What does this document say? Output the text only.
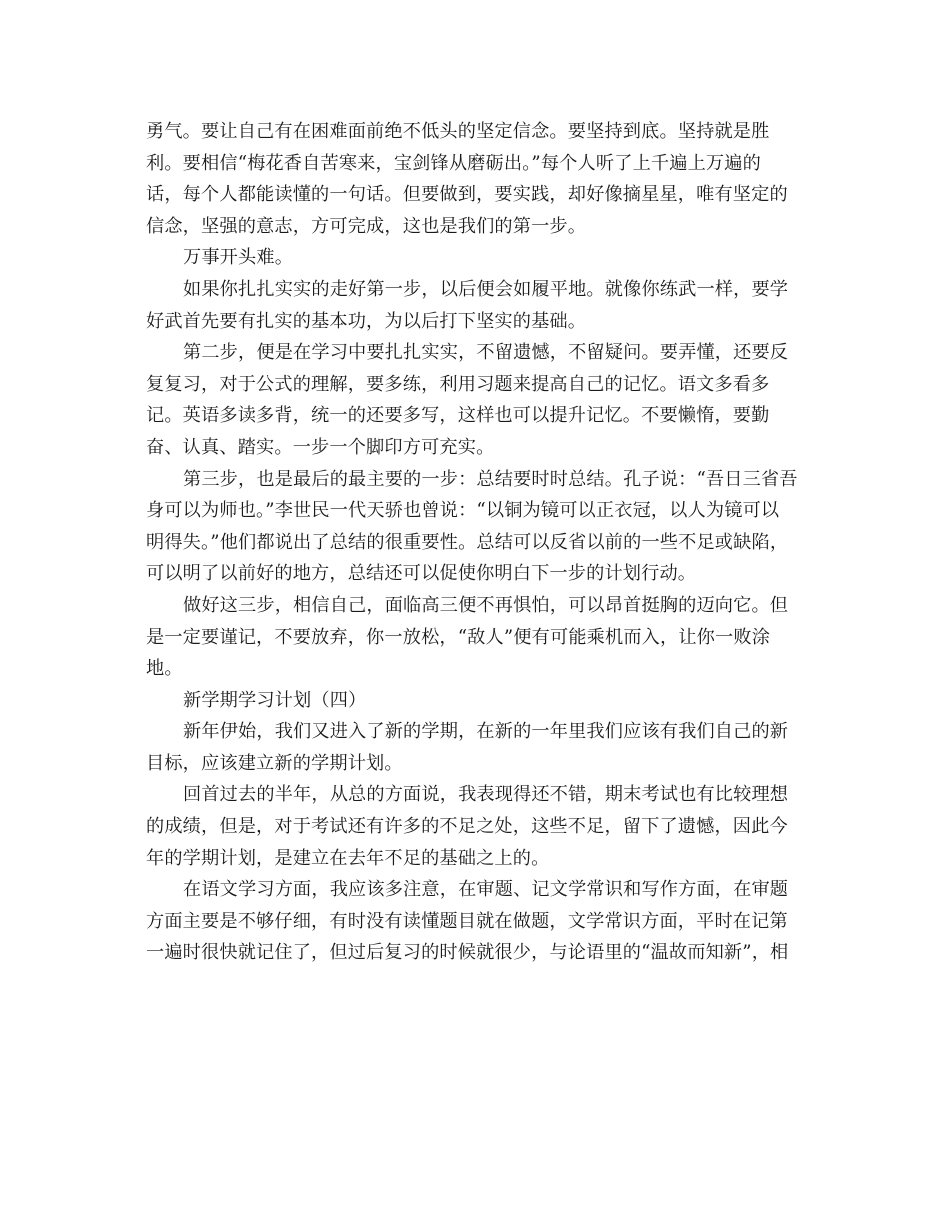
勇气。要让自己有在困难面前绝不低头的坚定信念。要坚持到底。坚持就是胜
利。要相信“梅花香自苦寒来，宝剑锋从磨砺出。”每个人听了上千遍上万遍的
话，每个人都能读懂的一句话。但要做到，要实践，却好像摘星星，唯有坚定的
信念，坚强的意志，方可完成，这也是我们的第一步。
万事开头难。
如果你扎扎实实的走好第一步，以后便会如履平地。就像你练武一样，要学
好武首先要有扎实的基本功，为以后打下坚实的基础。
第二步，便是在学习中要扎扎实实，不留遗憾，不留疑问。要弄懂，还要反
复复习，对于公式的理解，要多练，利用习题来提高自己的记忆。语文多看多
记。英语多读多背，统一的还要多写，这样也可以提升记忆。不要懒惰，要勤
奋、认真、踏实。一步一个脚印方可充实。
第三步，也是最后的最主要的一步：总结要时时总结。孔子说：“吾日三省吾
身可以为师也。”李世民一代天骄也曾说：“以铜为镜可以正衣冠，以人为镜可以
明得失。”他们都说出了总结的很重要性。总结可以反省以前的一些不足或缺陷，
可以明了以前好的地方，总结还可以促使你明白下一步的计划行动。
做好这三步，相信自己，面临高三便不再惧怕，可以昂首挺胸的迈向它。但
是一定要谨记，不要放弃，你一放松，“敌人”便有可能乘机而入，让你一败涂
地。
新学期学习计划（四）
新年伊始，我们又进入了新的学期，在新的一年里我们应该有我们自己的新
目标，应该建立新的学期计划。
回首过去的半年，从总的方面说，我表现得还不错，期末考试也有比较理想
的成绩，但是，对于考试还有许多的不足之处，这些不足，留下了遗憾，因此今
年的学期计划，是建立在去年不足的基础之上的。
在语文学习方面，我应该多注意，在审题、记文学常识和写作方面，在审题
方面主要是不够仔细，有时没有读懂题目就在做题，文学常识方面，平时在记第
一遍时很快就记住了，但过后复习的时候就很少，与论语里的“温故而知新”，相
